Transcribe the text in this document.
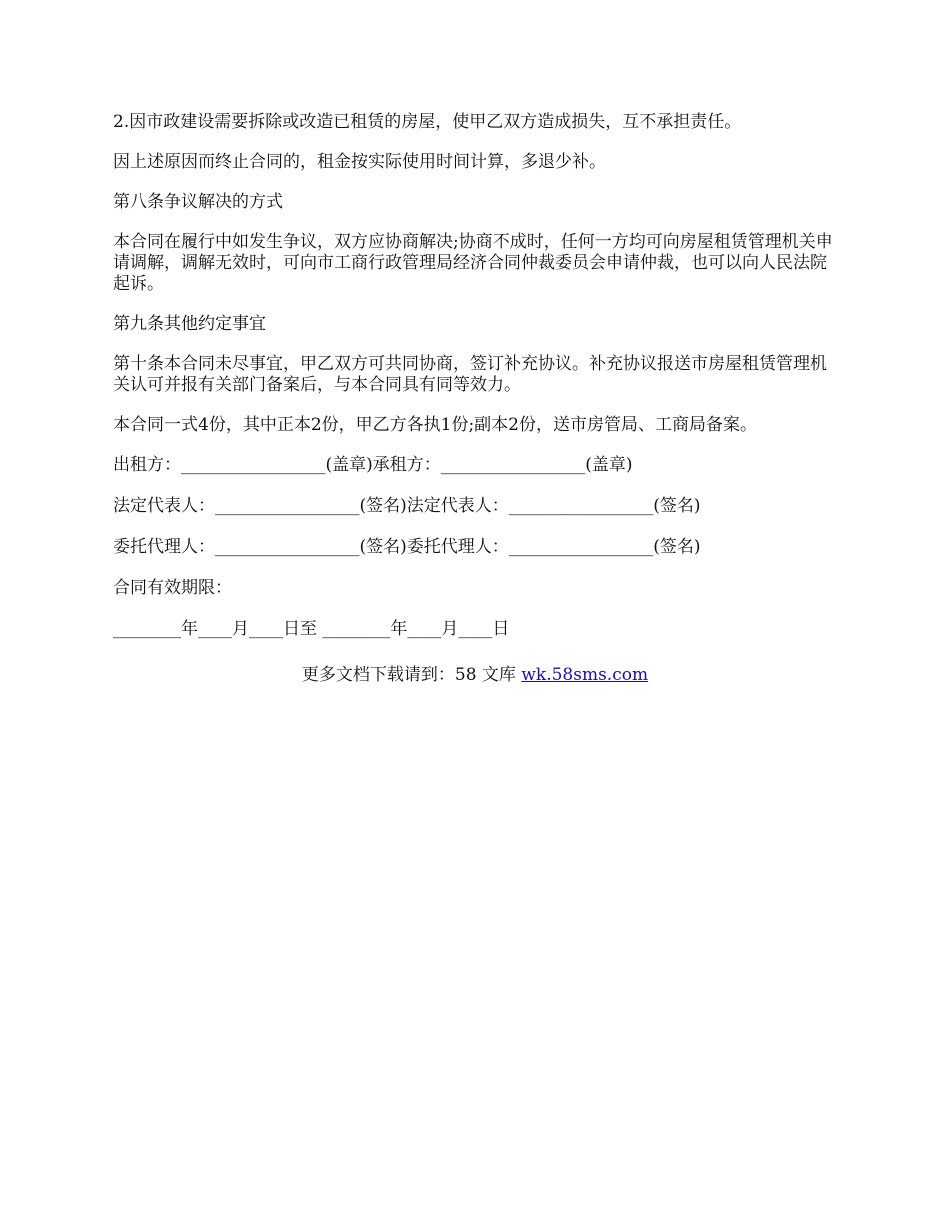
2.因市政建设需要拆除或改造已租赁的房屋，使甲乙双方造成损失，互不承担责任。

因上述原因而终止合同的，租金按实际使用时间计算，多退少补。

第八条争议解决的方式

本合同在履行中如发生争议，双方应协商解决;协商不成时，任何一方均可向房屋租赁管理机关申请调解，调解无效时，可向市工商行政管理局经济合同仲裁委员会申请仲裁，也可以向人民法院起诉。

第九条其他约定事宜

第十条本合同未尽事宜，甲乙双方可共同协商，签订补充协议。补充协议报送市房屋租赁管理机关认可并报有关部门备案后，与本合同具有同等效力。

本合同一式4份，其中正本2份，甲乙方各执1份;副本2份，送市房管局、工商局备案。

出租方：_________________(盖章)承租方：_________________(盖章)

法定代表人：_________________(签名)法定代表人：_________________(签名)

委托代理人：_________________(签名)委托代理人：_________________(签名)

合同有效期限：

________年____月____日至 ________年____月____日

更多文档下载请到：58 文库 wk.58sms.com
